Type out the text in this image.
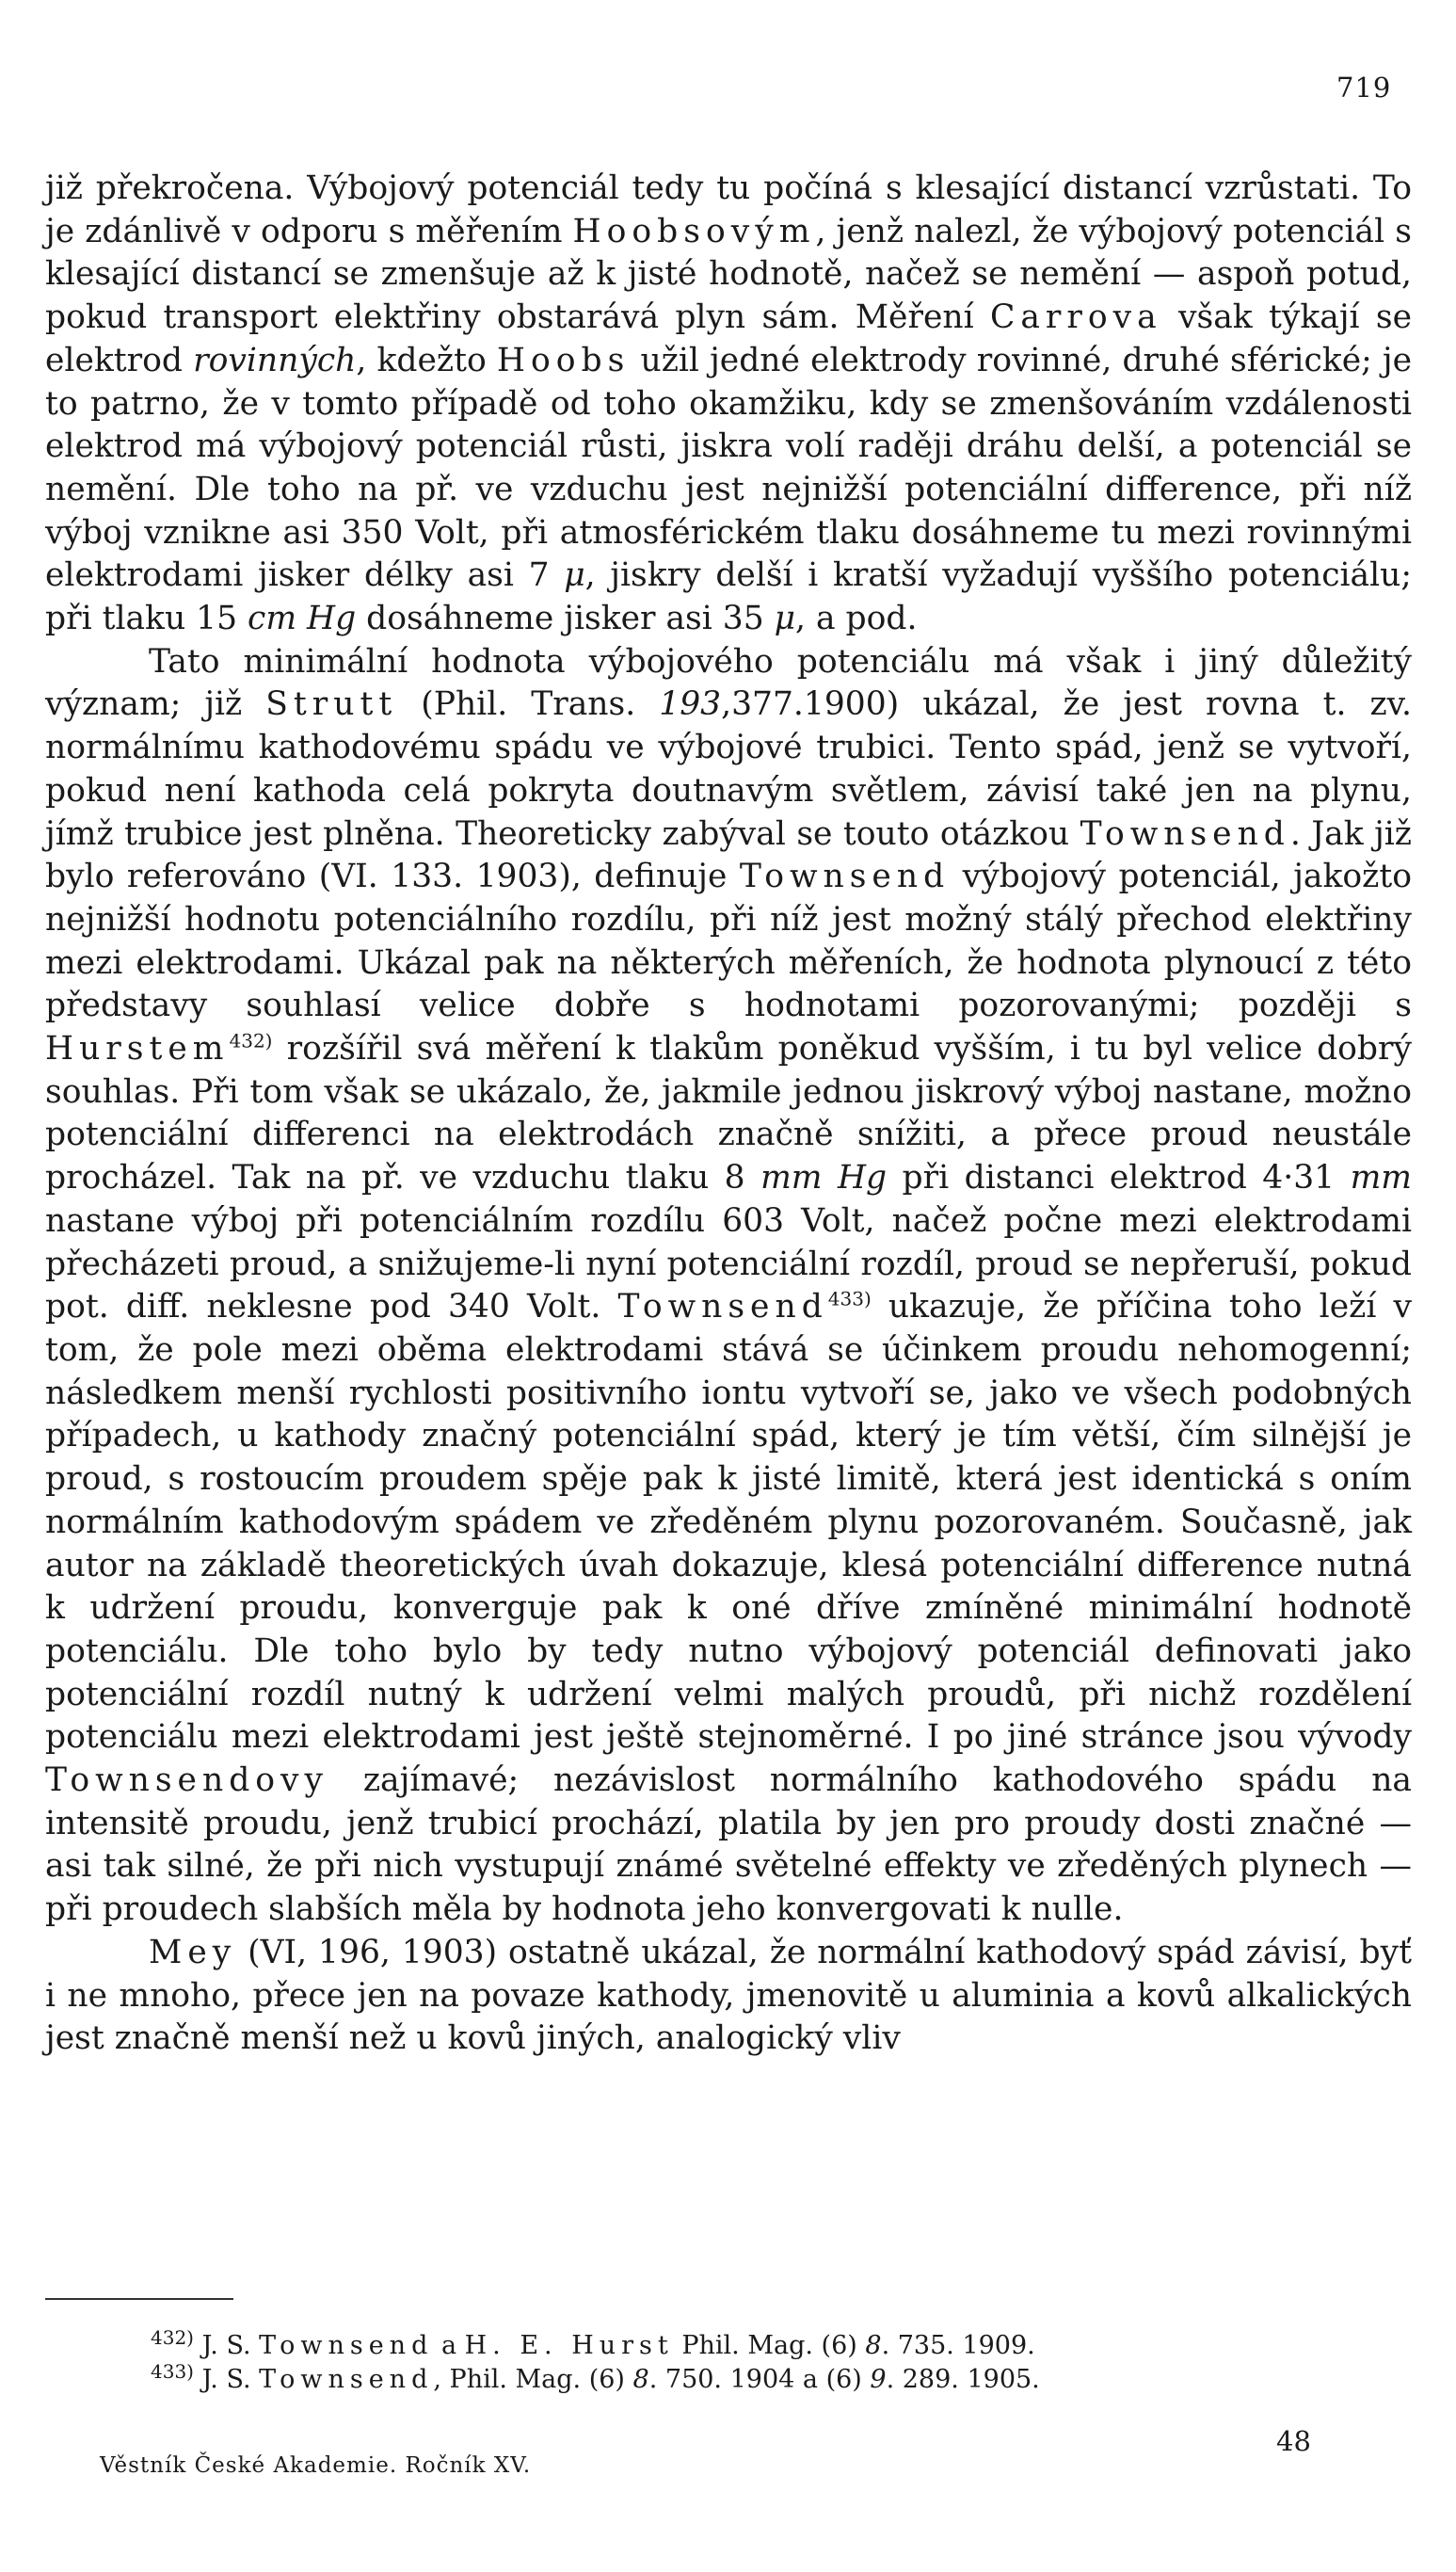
719

již překročena. Výbojový potenciál tedy tu počíná s klesající distancí vzrůstati. To je zdánlivě v odporu s měřením Hoobsovým, jenž nalezl, že výbojový potenciál s klesající distancí se zmenšuje až k jisté hodnotě, načež se nemění — aspoň potud, pokud transport elektřiny obstarává plyn sám. Měření Carrova však týkají se elektrod rovinných, kdežto Hoobs užil jedné elektrody rovinné, druhé sférické; je to patrno, že v tomto případě od toho okamžiku, kdy se zmenšováním vzdálenosti elektrod má výbojový potenciál růsti, jiskra volí raději dráhu delší, a potenciál se nemění. Dle toho na př. ve vzduchu jest nejnižší potenciální difference, při níž výboj vznikne asi 350 Volt, při atmosférickém tlaku dosáhneme tu mezi rovinnými elektrodami jisker délky asi 7 μ, jiskry delší i kratší vyžadují vyššího potenciálu; při tlaku 15 cm Hg dosáhneme jisker asi 35 μ, a pod.

Tato minimální hodnota výbojového potenciálu má však i jiný důležitý význam; již Strutt (Phil. Trans. 193,377.1900) ukázal, že jest rovna t. zv. normálnímu kathodovému spádu ve výbojové trubici. Tento spád, jenž se vytvoří, pokud není kathoda celá pokryta doutnavým světlem, závisí také jen na plynu, jímž trubice jest plněna. Theoreticky zabýval se touto otázkou Townsend. Jak již bylo referováno (VI. 133. 1903), definuje Townsend výbojový potenciál, jakožto nejnižší hodnotu potenciálního rozdílu, při níž jest možný stálý přechod elektřiny mezi elektrodami. Ukázal pak na některých měřeních, že hodnota plynoucí z této představy souhlasí velice dobře s hodnotami pozorovanými; později s Hurstem$^{432)}$ rozšířil svá měření k tlakům poněkud vyšším, i tu byl velice dobrý souhlas. Při tom však se ukázalo, že, jakmile jednou jiskrový výboj nastane, možno potenciální differenci na elektrodách značně snížiti, a přece proud neustále procházel. Tak na př. ve vzduchu tlaku 8 mm Hg při distanci elektrod 4·31 mm nastane výboj při potenciálním rozdílu 603 Volt, načež počne mezi elektrodami přecházeti proud, a snižujeme-li nyní potenciální rozdíl, proud se nepřeruší, pokud pot. diff. neklesne pod 340 Volt. Townsend$^{433)}$ ukazuje, že příčina toho leží v tom, že pole mezi oběma elektrodami stává se účinkem proudu nehomogenní; následkem menší rychlosti positivního iontu vytvoří se, jako ve všech podobných případech, u kathody značný potenciální spád, který je tím větší, čím silnější je proud, s rostoucím proudem spěje pak k jisté limitě, která jest identická s oním normálním kathodovým spádem ve zředěném plynu pozorovaném. Současně, jak autor na základě theoretických úvah dokazuje, klesá potenciální difference nutná k udržení proudu, konverguje pak k oné dříve zmíněné minimální hodnotě potenciálu. Dle toho bylo by tedy nutno výbojový potenciál definovati jako potenciální rozdíl nutný k udržení velmi malých proudů, při nichž rozdělení potenciálu mezi elektrodami jest ještě stejnoměrné. I po jiné stránce jsou vývody Townsendovy zajímavé; nezávislost normálního kathodového spádu na intensitě proudu, jenž trubicí prochází, platila by jen pro proudy dosti značné — asi tak silné, že při nich vystupují známé světelné effekty ve zředěných plynech — při proudech slabších měla by hodnota jeho konvergovati k nulle.

Mey (VI, 196, 1903) ostatně ukázal, že normální kathodový spád závisí, byť i ne mnoho, přece jen na povaze kathody, jmenovitě u aluminia a kovů alkalických jest značně menší než u kovů jiných, analogický vliv

$^{432)}$ J. S. Townsend a H. E. Hurst Phil. Mag. (6) 8. 735. 1909.
$^{433)}$ J. S. Townsend, Phil. Mag. (6) 8. 750. 1904 a (6) 9. 289. 1905.
48
Věstník České Akademie. Ročník XV.
